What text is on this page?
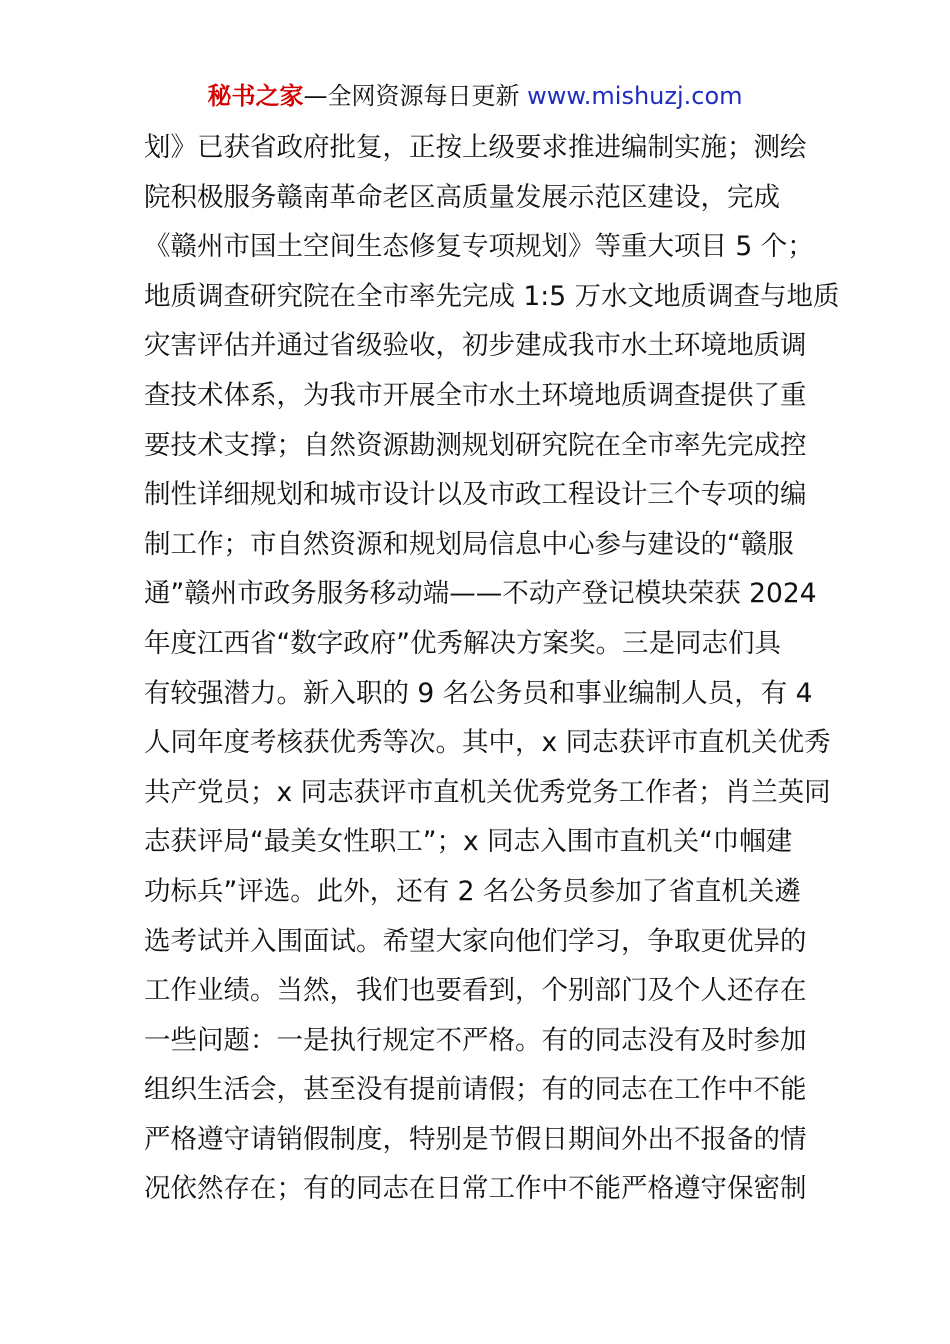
秘书之家—全网资源每日更新 www.mishuzj.com
划》已获省政府批复，正按上级要求推进编制实施；测绘
院积极服务赣南革命老区高质量发展示范区建设，完成
《赣州市国土空间生态修复专项规划》等重大项目 5 个；
地质调查研究院在全市率先完成 1:5 万水文地质调查与地质
灾害评估并通过省级验收，初步建成我市水土环境地质调
查技术体系，为我市开展全市水土环境地质调查提供了重
要技术支撑；自然资源勘测规划研究院在全市率先完成控
制性详细规划和城市设计以及市政工程设计三个专项的编
制工作；市自然资源和规划局信息中心参与建设的“赣服
通”赣州市政务服务移动端——不动产登记模块荣获 2024
年度江西省“数字政府”优秀解决方案奖。三是同志们具
有较强潜力。新入职的 9 名公务员和事业编制人员，有 4
人同年度考核获优秀等次。其中，x 同志获评市直机关优秀
共产党员；x 同志获评市直机关优秀党务工作者；肖兰英同
志获评局“最美女性职工”；x 同志入围市直机关“巾帼建
功标兵”评选。此外，还有 2 名公务员参加了省直机关遴
选考试并入围面试。希望大家向他们学习，争取更优异的
工作业绩。当然，我们也要看到，个别部门及个人还存在
一些问题：一是执行规定不严格。有的同志没有及时参加
组织生活会，甚至没有提前请假；有的同志在工作中不能
严格遵守请销假制度，特别是节假日期间外出不报备的情
况依然存在；有的同志在日常工作中不能严格遵守保密制
